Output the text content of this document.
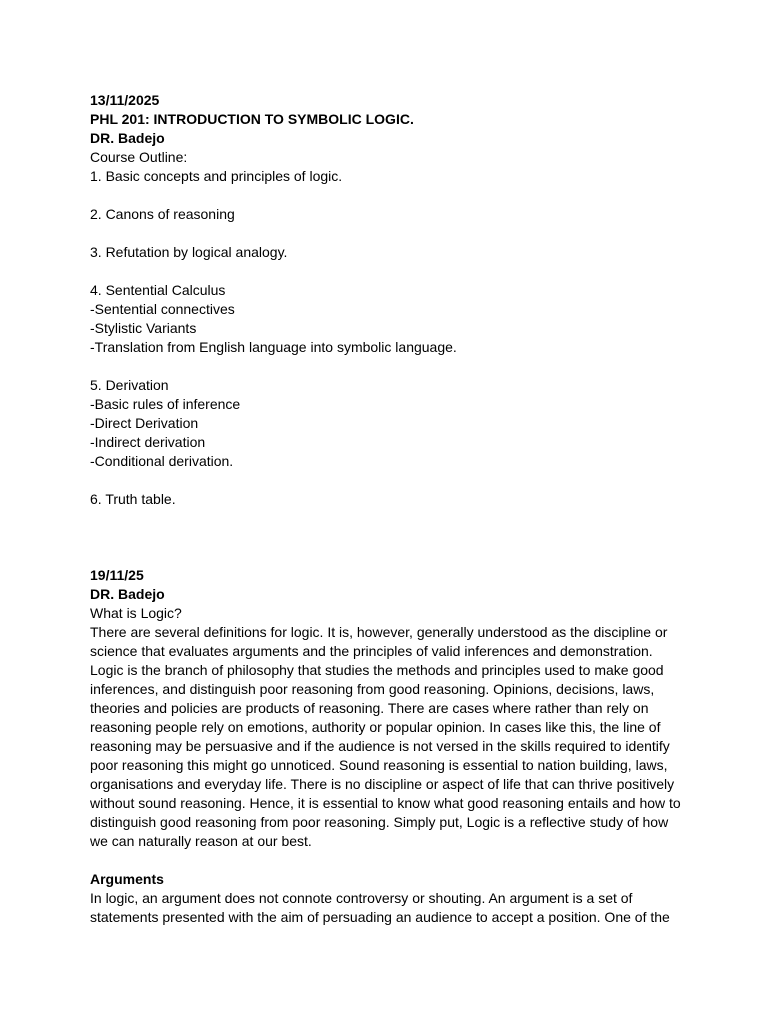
13/11/2025
PHL 201: INTRODUCTION TO SYMBOLIC LOGIC.
DR. Badejo
Course Outline:
1. Basic concepts and principles of logic.
2. Canons of reasoning
3. Refutation by logical analogy.
4. Sentential Calculus
-Sentential connectives
-Stylistic Variants
-Translation from English language into symbolic language.
5. Derivation
-Basic rules of inference
-Direct Derivation
-Indirect derivation
-Conditional derivation.
6. Truth table.
19/11/25
DR. Badejo
What is Logic?
There are several definitions for logic. It is, however, generally understood as the discipline or
science that evaluates arguments and the principles of valid inferences and demonstration.
Logic is the branch of philosophy that studies the methods and principles used to make good
inferences, and distinguish poor reasoning from good reasoning. Opinions, decisions, laws,
theories and policies are products of reasoning. There are cases where rather than rely on
reasoning people rely on emotions, authority or popular opinion. In cases like this, the line of
reasoning may be persuasive and if the audience is not versed in the skills required to identify
poor reasoning this might go unnoticed. Sound reasoning is essential to nation building, laws,
organisations and everyday life. There is no discipline or aspect of life that can thrive positively
without sound reasoning. Hence, it is essential to know what good reasoning entails and how to
distinguish good reasoning from poor reasoning. Simply put, Logic is a reflective study of how
we can naturally reason at our best.
Arguments
In logic, an argument does not connote controversy or shouting. An argument is a set of
statements presented with the aim of persuading an audience to accept a position. One of the
